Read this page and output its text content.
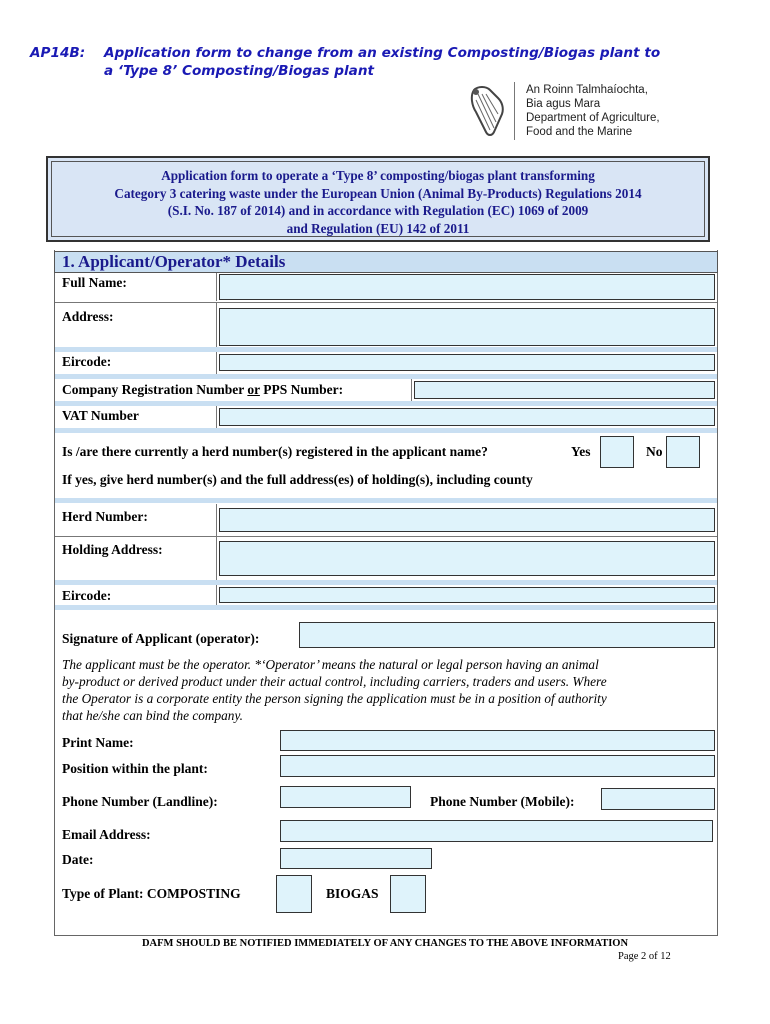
AP14B: Application form to change from an existing Composting/Biogas plant to
a ‘Type 8’ Composting/Biogas plant
An Roinn Talmhaíochta,
Bia agus Mara
Department of Agriculture,
Food and the Marine
Application form to operate a ‘Type 8’ composting/biogas plant transforming
Category 3 catering waste under the European Union (Animal By-Products) Regulations 2014
(S.I. No. 187 of 2014) and in accordance with Regulation (EC) 1069 of 2009
and Regulation (EU) 142 of 2011
1. Applicant/Operator* Details
Full Name:
Address:
Eircode:
Company Registration Number or PPS Number:
VAT Number
Is /are there currently a herd number(s) registered in the applicant name?	Yes	No
If yes, give herd number(s) and the full address(es) of holding(s), including county
Herd Number:
Holding Address:
Eircode:
Signature of Applicant (operator):
The applicant must be the operator. *‘Operator’ means the natural or legal person having an animal
by-product or derived product under their actual control, including carriers, traders and users. Where
the Operator is a corporate entity the person signing the application must be in a position of authority
that he/she can bind the company.
Print Name:
Position within the plant:
Phone Number (Landline):	Phone Number (Mobile):
Email Address:
Date:
Type of Plant: COMPOSTING	BIOGAS
DAFM SHOULD BE NOTIFIED IMMEDIATELY OF ANY CHANGES TO THE ABOVE INFORMATION
Page 2 of 12
